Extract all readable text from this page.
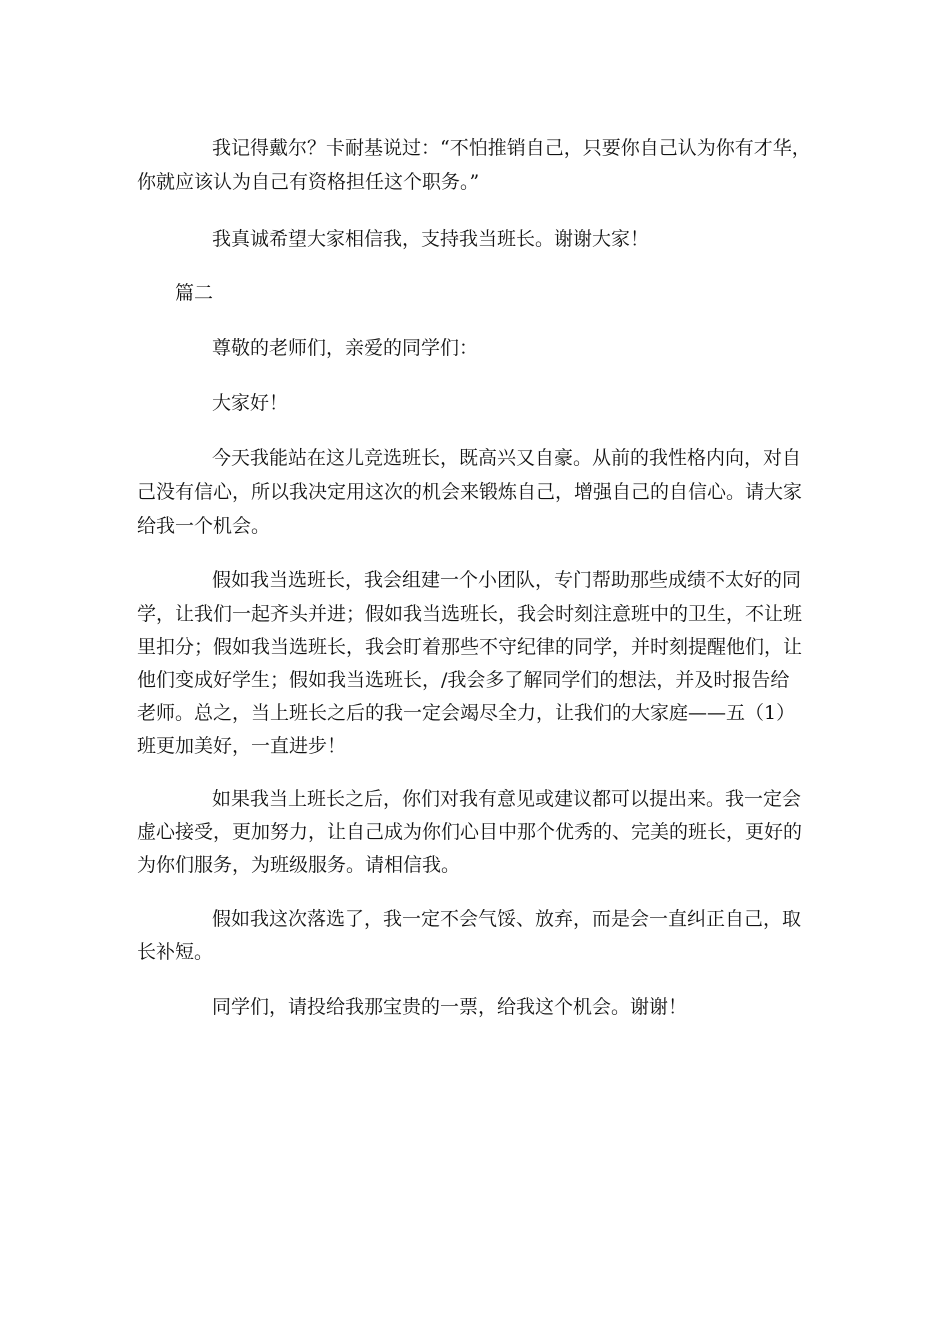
我记得戴尔？卡耐基说过：“不怕推销自己，只要你自己认为你有才华，
你就应该认为自己有资格担任这个职务。”
我真诚希望大家相信我，支持我当班长。谢谢大家！
篇二
尊敬的老师们，亲爱的同学们：
大家好！
今天我能站在这儿竞选班长，既高兴又自豪。从前的我性格内向，对自
己没有信心，所以我决定用这次的机会来锻炼自己，增强自己的自信心。请大家
给我一个机会。
假如我当选班长，我会组建一个小团队，专门帮助那些成绩不太好的同
学，让我们一起齐头并进；假如我当选班长，我会时刻注意班中的卫生，不让班
里扣分；假如我当选班长，我会盯着那些不守纪律的同学，并时刻提醒他们，让
他们变成好学生；假如我当选班长，/我会多了解同学们的想法，并及时报告给
老师。总之，当上班长之后的我一定会竭尽全力，让我们的大家庭——五（1）
班更加美好，一直进步！
如果我当上班长之后，你们对我有意见或建议都可以提出来。我一定会
虚心接受，更加努力，让自己成为你们心目中那个优秀的、完美的班长，更好的
为你们服务，为班级服务。请相信我。
假如我这次落选了，我一定不会气馁、放弃，而是会一直纠正自己，取
长补短。
同学们，请投给我那宝贵的一票，给我这个机会。谢谢！
